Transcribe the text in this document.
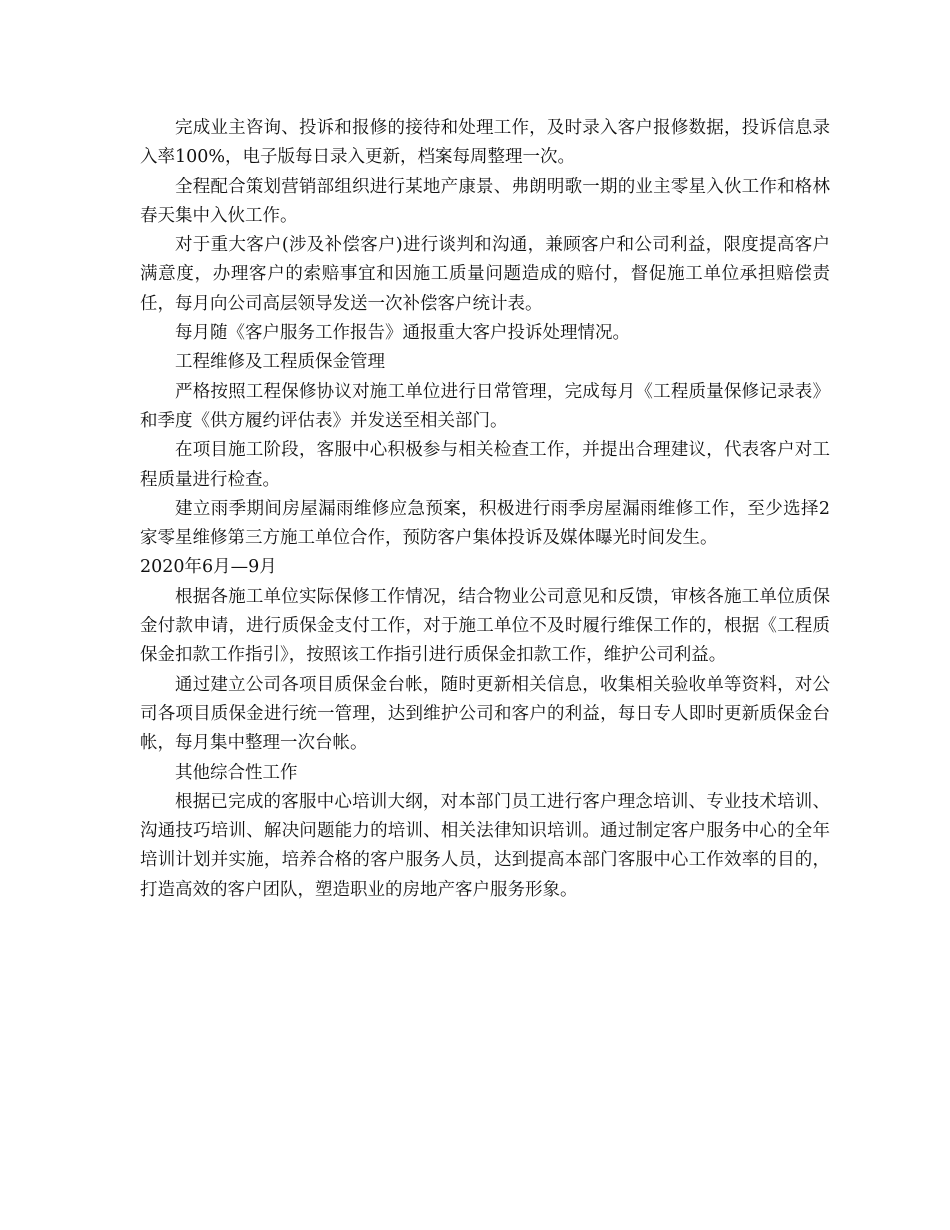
完成业主咨询、投诉和报修的接待和处理工作，及时录入客户报修数据，投诉信息录入率100%，电子版每日录入更新，档案每周整理一次。

全程配合策划营销部组织进行某地产康景、弗朗明歌一期的业主零星入伙工作和格林春天集中入伙工作。

对于重大客户(涉及补偿客户)进行谈判和沟通，兼顾客户和公司利益，限度提高客户满意度，办理客户的索赔事宜和因施工质量问题造成的赔付，督促施工单位承担赔偿责任，每月向公司高层领导发送一次补偿客户统计表。

每月随《客户服务工作报告》通报重大客户投诉处理情况。

工程维修及工程质保金管理

严格按照工程保修协议对施工单位进行日常管理，完成每月《工程质量保修记录表》和季度《供方履约评估表》并发送至相关部门。

在项目施工阶段，客服中心积极参与相关检查工作，并提出合理建议，代表客户对工程质量进行检查。

建立雨季期间房屋漏雨维修应急预案，积极进行雨季房屋漏雨维修工作，至少选择2家零星维修第三方施工单位合作，预防客户集体投诉及媒体曝光时间发生。

2020年6月—9月

根据各施工单位实际保修工作情况，结合物业公司意见和反馈，审核各施工单位质保金付款申请，进行质保金支付工作，对于施工单位不及时履行维保工作的，根据《工程质保金扣款工作指引》，按照该工作指引进行质保金扣款工作，维护公司利益。

通过建立公司各项目质保金台帐，随时更新相关信息，收集相关验收单等资料，对公司各项目质保金进行统一管理，达到维护公司和客户的利益，每日专人即时更新质保金台帐，每月集中整理一次台帐。

其他综合性工作

根据已完成的客服中心培训大纲，对本部门员工进行客户理念培训、专业技术培训、沟通技巧培训、解决问题能力的培训、相关法律知识培训。通过制定客户服务中心的全年培训计划并实施，培养合格的客户服务人员，达到提高本部门客服中心工作效率的目的，打造高效的客户团队，塑造职业的房地产客户服务形象。
